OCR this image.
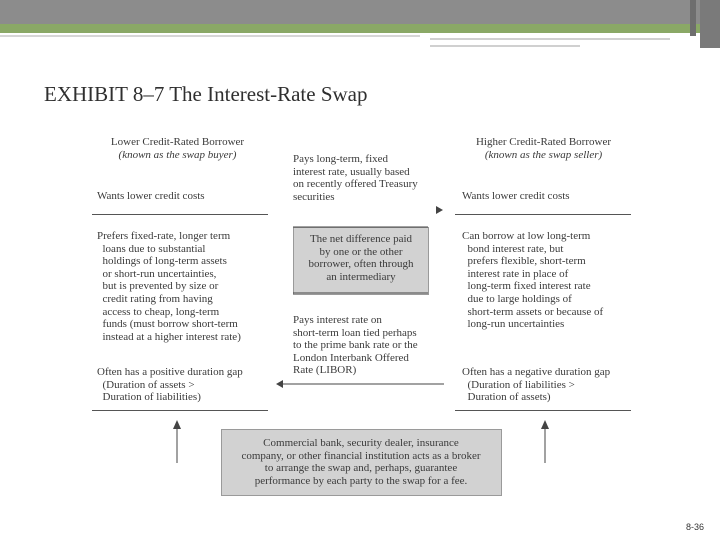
EXHIBIT 8–7 The Interest-Rate Swap
Lower Credit-Rated Borrower
(known as the swap buyer)
Wants lower credit costs
Prefers fixed-rate, longer term
loans due to substantial
holdings of long-term assets
or short-run uncertainties,
but is prevented by size or
credit rating from having
access to cheap, long-term
funds (must borrow short-term
instead at a higher interest rate)
Often has a positive duration gap
(Duration of assets >
Duration of liabilities)
Pays long-term, fixed
interest rate, usually based
on recently offered Treasury
securities
The net difference paid
by one or the other
borrower, often through
an intermediary
Pays interest rate on
short-term loan tied perhaps
to the prime bank rate or the
London Interbank Offered
Rate (LIBOR)
Higher Credit-Rated Borrower
(known as the swap seller)
Wants lower credit costs
Can borrow at low long-term
bond interest rate, but
prefers flexible, short-term
interest rate in place of
long-term fixed interest rate
due to large holdings of
short-term assets or because of
long-run uncertainties
Often has a negative duration gap
(Duration of liabilities >
Duration of assets)
Commercial bank, security dealer, insurance
company, or other financial institution acts as a broker
to arrange the swap and, perhaps, guarantee
performance by each party to the swap for a fee.
8-36
